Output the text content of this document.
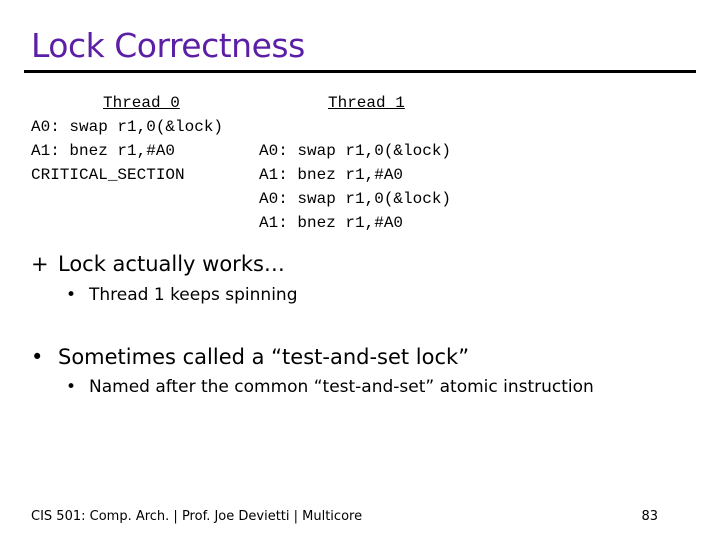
Lock Correctness
Thread 0
A0: swap r1,0(&lock)
A1: bnez r1,#A0
CRITICAL_SECTION
Thread 1
A0: swap r1,0(&lock)
A1: bnez r1,#A0
A0: swap r1,0(&lock)
A1: bnez r1,#A0
+ Lock actually works…
• Thread 1 keeps spinning
• Sometimes called a “test-and-set lock”
• Named after the common “test-and-set” atomic instruction
CIS 501: Comp. Arch. | Prof. Joe Devietti | Multicore	83
